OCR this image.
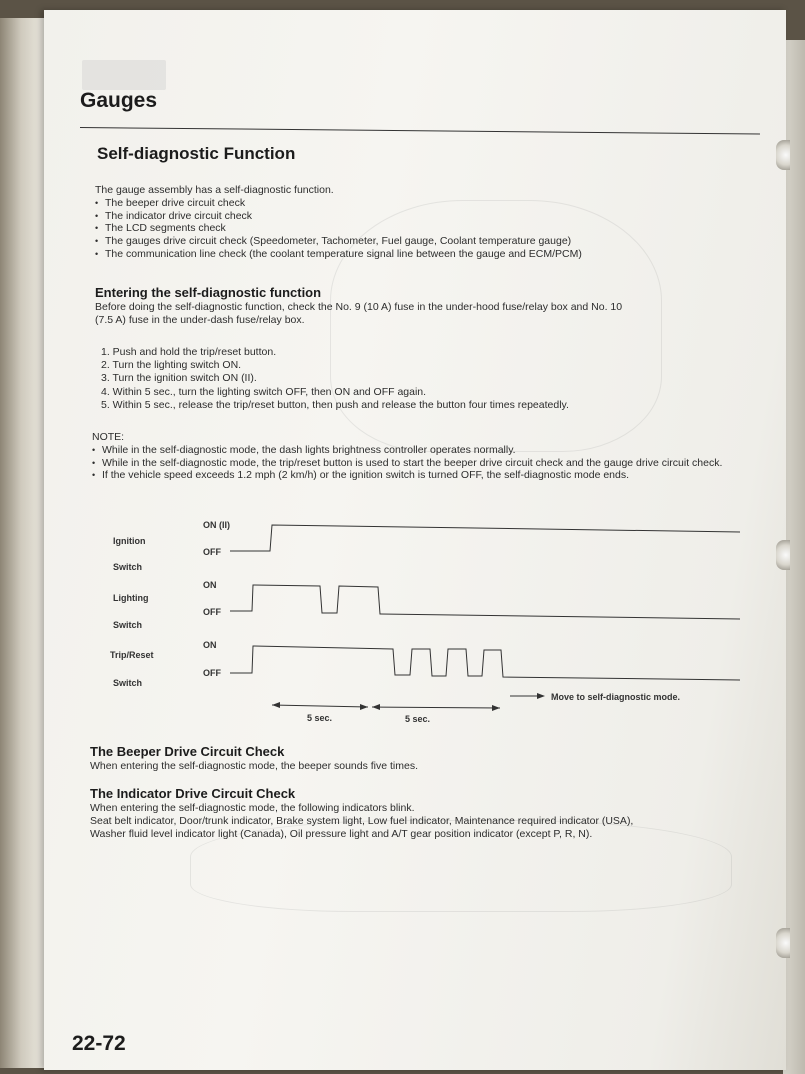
Gauges
Self-diagnostic Function
The gauge assembly has a self-diagnostic function.
• The beeper drive circuit check
• The indicator drive circuit check
• The LCD segments check
• The gauges drive circuit check (Speedometer, Tachometer, Fuel gauge, Coolant temperature gauge)
• The communication line check (the coolant temperature signal line between the gauge and ECM/PCM)
Entering the self-diagnostic function
Before doing the self-diagnostic function, check the No. 9 (10 A) fuse in the under-hood fuse/relay box and No. 10
(7.5 A) fuse in the under-dash fuse/relay box.
1. Push and hold the trip/reset button.
2. Turn the lighting switch ON.
3. Turn the ignition switch ON (II).
4. Within 5 sec., turn the lighting switch OFF, then ON and OFF again.
5. Within 5 sec., release the trip/reset button, then push and release the button four times repeatedly.
NOTE:
• While in the self-diagnostic mode, the dash lights brightness controller operates normally.
• While in the self-diagnostic mode, the trip/reset button is used to start the beeper drive circuit check and the gauge drive circuit check.
• If the vehicle speed exceeds 1.2 mph (2 km/h) or the ignition switch is turned OFF, the self-diagnostic mode ends.
Ignition
Switch
ON (II)
OFF
Lighting
Switch
ON
OFF
Trip/Reset
Switch
ON
OFF
5 sec.	5 sec.
Move to self-diagnostic mode.
The Beeper Drive Circuit Check
When entering the self-diagnostic mode, the beeper sounds five times.
The Indicator Drive Circuit Check
When entering the self-diagnostic mode, the following indicators blink.
Seat belt indicator, Door/trunk indicator, Brake system light, Low fuel indicator, Maintenance required indicator (USA),
Washer fluid level indicator light (Canada), Oil pressure light and A/T gear position indicator (except P, R, N).
22-72
